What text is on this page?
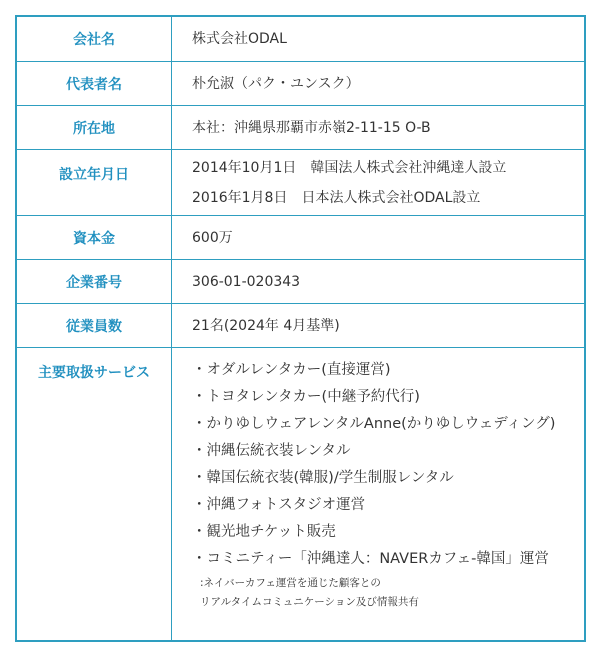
会社名	株式会社ODAL
代表者名	朴允淑（パク・ユンスク）
所在地	本社：沖縄県那覇市赤嶺2-11-15 O-B
設立年月日	2014年10月1日　韓国法人株式会社沖縄達人設立
2016年1月8日　日本法人株式会社ODAL設立
資本金	600万
企業番号	306-01-020343
従業員数	21名(2024年 4月基準)
主要取扱サービス	・オダルレンタカー(直接運営)
・トヨタレンタカー(中継予約代行)
・かりゆしウェアレンタルAnne(かりゆしウェディング)
・沖縄伝統衣装レンタル
・韓国伝統衣装(韓服)/学生制服レンタル
・沖縄フォトスタジオ運営
・観光地チケット販売
・コミニティー「沖縄達人：NAVERカフェ-韓国」運営
:ネイバーカフェ運営を通じた顧客との
リアルタイムコミュニケーション及び情報共有
